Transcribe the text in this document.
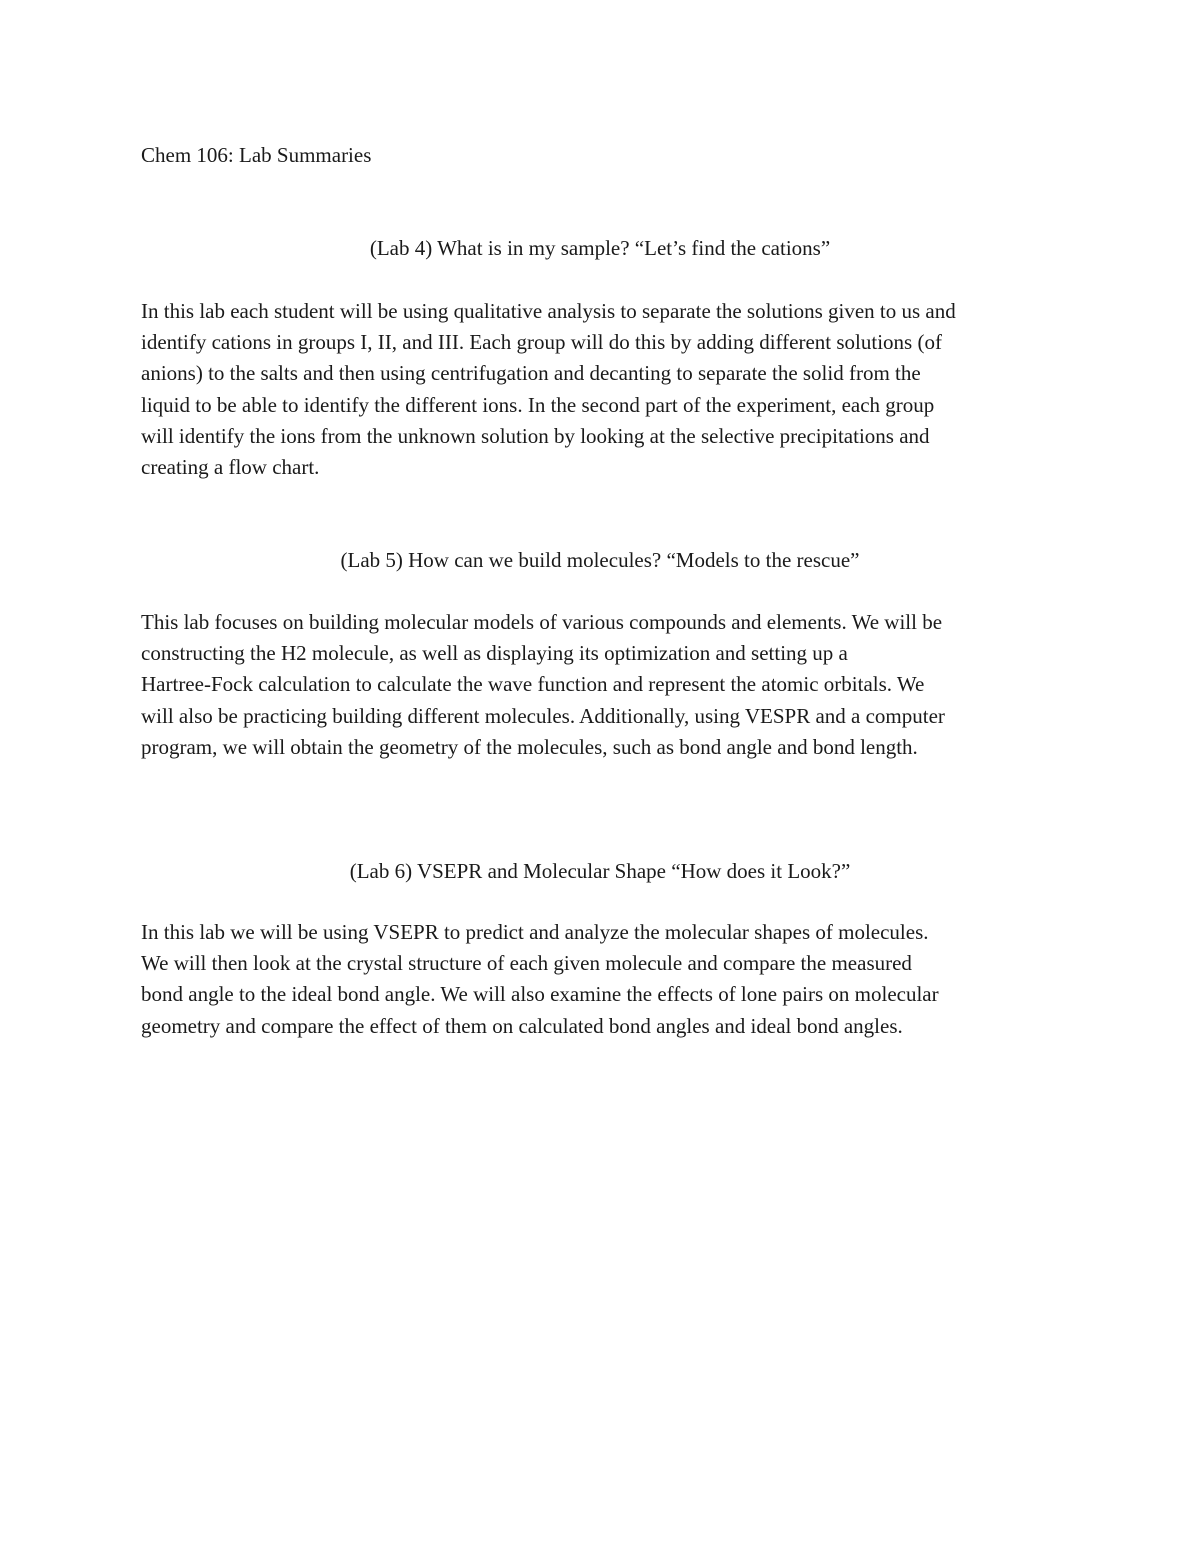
Chem 106: Lab Summaries
(Lab 4) What is in my sample? “Let’s find the cations”
In this lab each student will be using qualitative analysis to separate the solutions given to us and
identify cations in groups I, II, and III. Each group will do this by adding different solutions (of
anions) to the salts and then using centrifugation and decanting to separate the solid from the
liquid to be able to identify the different ions. In the second part of the experiment, each group
will identify the ions from the unknown solution by looking at the selective precipitations and
creating a flow chart.
(Lab 5) How can we build molecules? “Models to the rescue”
This lab focuses on building molecular models of various compounds and elements. We will be
constructing the H2 molecule, as well as displaying its optimization and setting up a
Hartree-Fock calculation to calculate the wave function and represent the atomic orbitals. We
will also be practicing building different molecules. Additionally, using VESPR and a computer
program, we will obtain the geometry of the molecules, such as bond angle and bond length.
(Lab 6) VSEPR and Molecular Shape “How does it Look?”
In this lab we will be using VSEPR to predict and analyze the molecular shapes of molecules.
We will then look at the crystal structure of each given molecule and compare the measured
bond angle to the ideal bond angle. We will also examine the effects of lone pairs on molecular
geometry and compare the effect of them on calculated bond angles and ideal bond angles.
